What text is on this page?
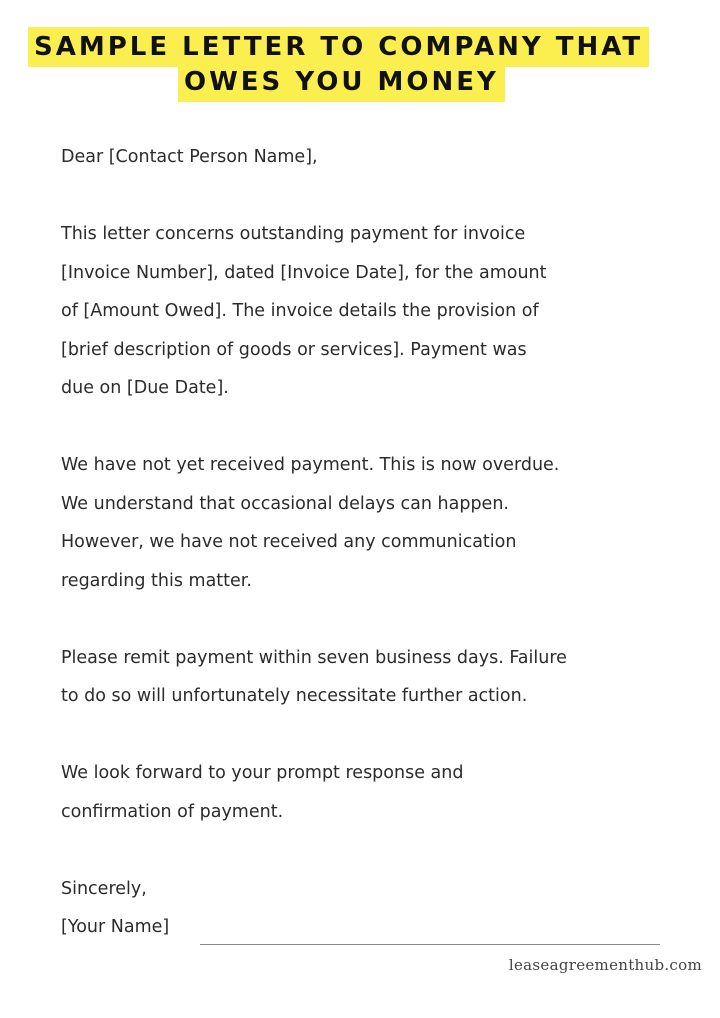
SAMPLE LETTER TO COMPANY THAT
OWES YOU MONEY

Dear [Contact Person Name],

This letter concerns outstanding payment for invoice
[Invoice Number], dated [Invoice Date], for the amount
of [Amount Owed]. The invoice details the provision of
[brief description of goods or services]. Payment was
due on [Due Date].

We have not yet received payment. This is now overdue.
We understand that occasional delays can happen.
However, we have not received any communication
regarding this matter.

Please remit payment within seven business days. Failure
to do so will unfortunately necessitate further action.

We look forward to your prompt response and
confirmation of payment.

Sincerely,

[Your Name]
leaseagreementhub.com
